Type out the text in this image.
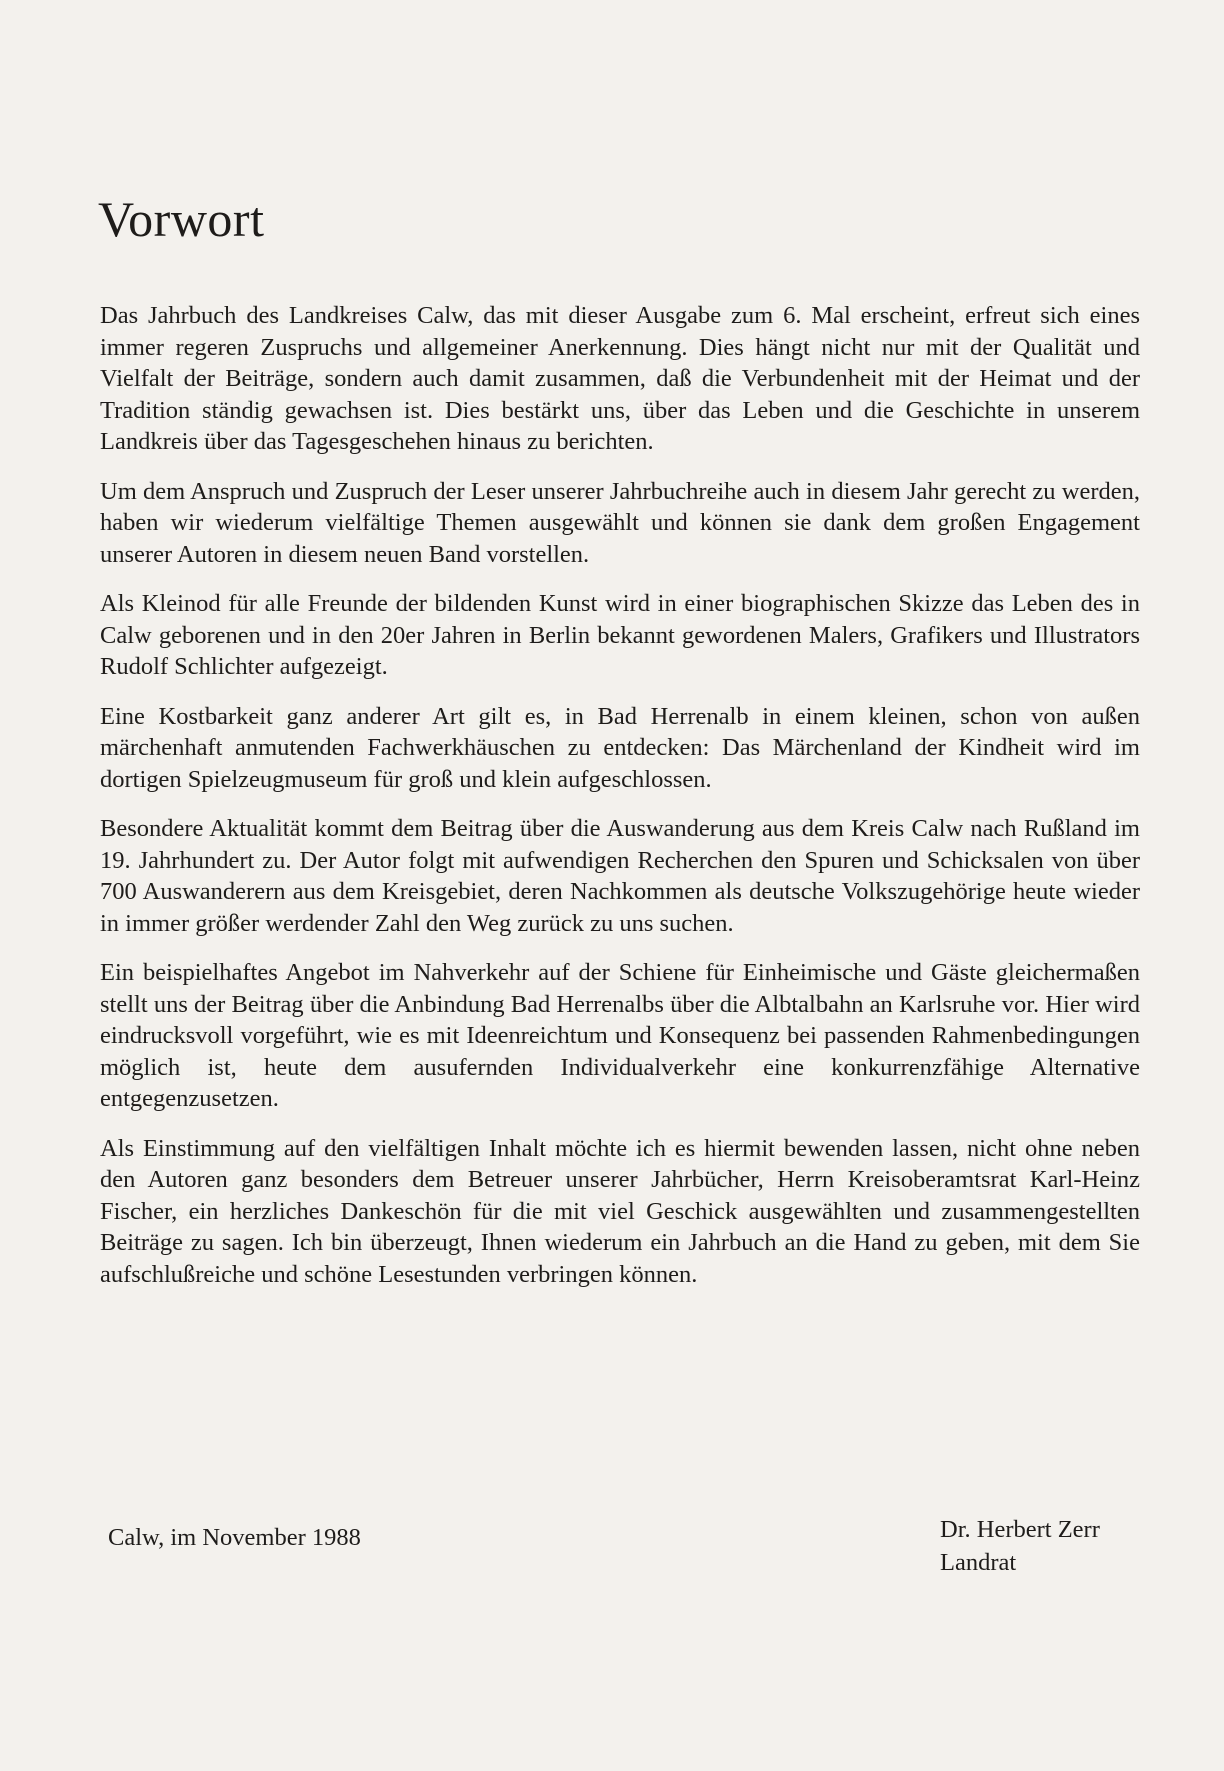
Vorwort

Das Jahrbuch des Landkreises Calw, das mit dieser Ausgabe zum 6. Mal erscheint, erfreut sich eines immer regeren Zuspruchs und allgemeiner Anerkennung. Dies hängt nicht nur mit der Qualität und Vielfalt der Beiträge, sondern auch damit zusammen, daß die Verbundenheit mit der Heimat und der Tradition ständig gewachsen ist. Dies bestärkt uns, über das Leben und die Geschichte in unserem Landkreis über das Tagesgeschehen hinaus zu berichten.

Um dem Anspruch und Zuspruch der Leser unserer Jahrbuchreihe auch in diesem Jahr gerecht zu werden, haben wir wiederum vielfältige Themen ausgewählt und können sie dank dem großen Engagement unserer Autoren in diesem neuen Band vorstellen.

Als Kleinod für alle Freunde der bildenden Kunst wird in einer biographischen Skizze das Leben des in Calw geborenen und in den 20er Jahren in Berlin bekannt gewordenen Malers, Grafikers und Illustrators Rudolf Schlichter aufgezeigt.

Eine Kostbarkeit ganz anderer Art gilt es, in Bad Herrenalb in einem kleinen, schon von außen märchenhaft anmutenden Fachwerkhäuschen zu entdecken: Das Märchenland der Kindheit wird im dortigen Spielzeugmuseum für groß und klein aufgeschlossen.

Besondere Aktualität kommt dem Beitrag über die Auswanderung aus dem Kreis Calw nach Rußland im 19. Jahrhundert zu. Der Autor folgt mit aufwendigen Recherchen den Spuren und Schicksalen von über 700 Auswanderern aus dem Kreisgebiet, deren Nachkommen als deutsche Volkszugehörige heute wieder in immer größer werdender Zahl den Weg zurück zu uns suchen.

Ein beispielhaftes Angebot im Nahverkehr auf der Schiene für Einheimische und Gäste gleichermaßen stellt uns der Beitrag über die Anbindung Bad Herrenalbs über die Albtalbahn an Karlsruhe vor. Hier wird eindrucksvoll vorgeführt, wie es mit Ideenreichtum und Konsequenz bei passenden Rahmenbedingungen möglich ist, heute dem ausufernden Individualverkehr eine konkurrenzfähige Alternative entgegenzusetzen.

Als Einstimmung auf den vielfältigen Inhalt möchte ich es hiermit bewenden lassen, nicht ohne neben den Autoren ganz besonders dem Betreuer unserer Jahrbücher, Herrn Kreisoberamtsrat Karl-Heinz Fischer, ein herzliches Dankeschön für die mit viel Geschick ausgewählten und zusammengestellten Beiträge zu sagen. Ich bin überzeugt, Ihnen wiederum ein Jahrbuch an die Hand zu geben, mit dem Sie aufschlußreiche und schöne Lesestunden verbringen können.

Calw, im November 1988	Dr. Herbert Zerr
Landrat
